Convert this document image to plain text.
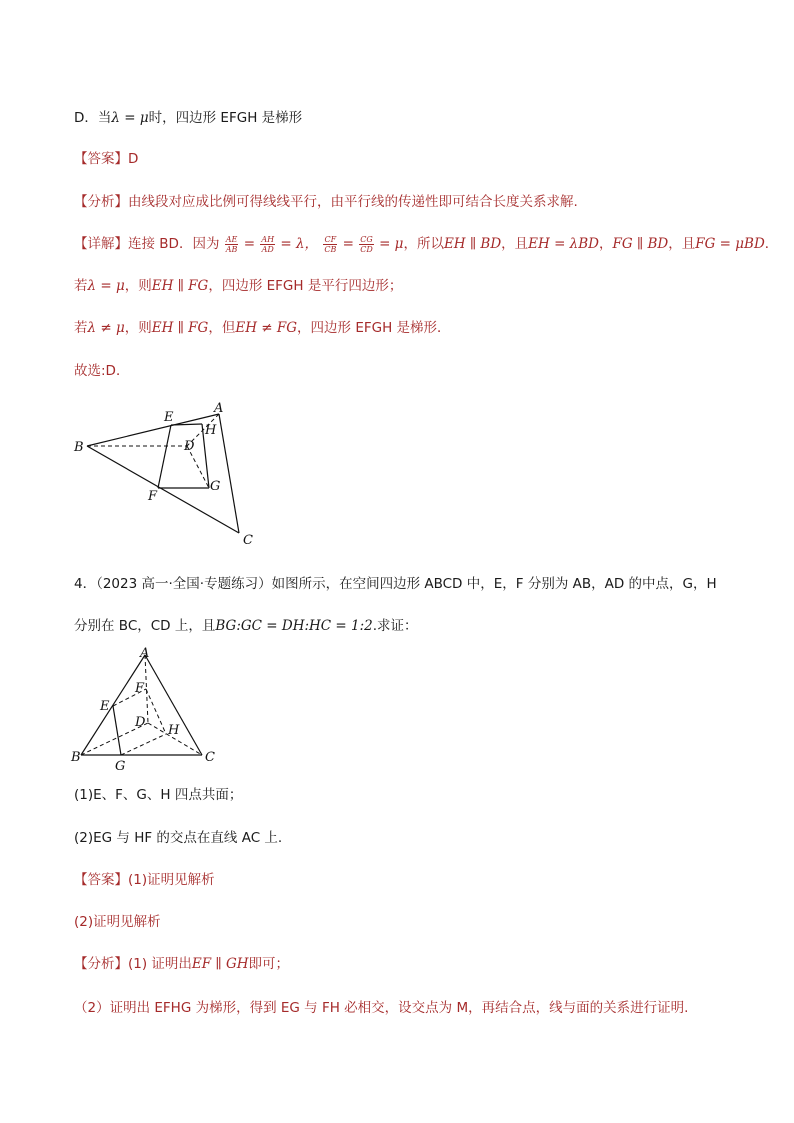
D．当λ = μ时，四边形 EFGH 是梯形
【答案】D
【分析】由线段对应成比例可得线线平行，由平行线的传递性即可结合长度关系求解.
【详解】连接 BD．因为 $\frac{AE}{AB} = \frac{AH}{AD} = \lambda$， $\frac{CF}{CB} = \frac{CG}{CD} = \mu$，所以EH ∥ BD，且EH = λBD，FG ∥ BD，且FG = μBD．
若λ = μ，则EH ∥ FG，四边形 EFGH 是平行四边形；
若λ ≠ μ，则EH ∥ FG，但EH ≠ FG，四边形 EFGH 是梯形．
故选:D．
B
E
A
H
D
G
F
C
4．（2023 高一·全国·专题练习）如图所示，在空间四边形 ABCD 中，E，F 分别为 AB，AD 的中点，G，H
分别在 BC，CD 上，且BG:GC = DH:HC = 1:2.求证：
A
F
E
D
H
B
G
C
(1)E、F、G、H 四点共面；
(2)EG 与 HF 的交点在直线 AC 上.
【答案】(1)证明见解析
(2)证明见解析
【分析】(1) 证明出EF ∥ GH即可；
（2）证明出 EFHG 为梯形，得到 EG 与 FH 必相交，设交点为 M，再结合点，线与面的关系进行证明.
